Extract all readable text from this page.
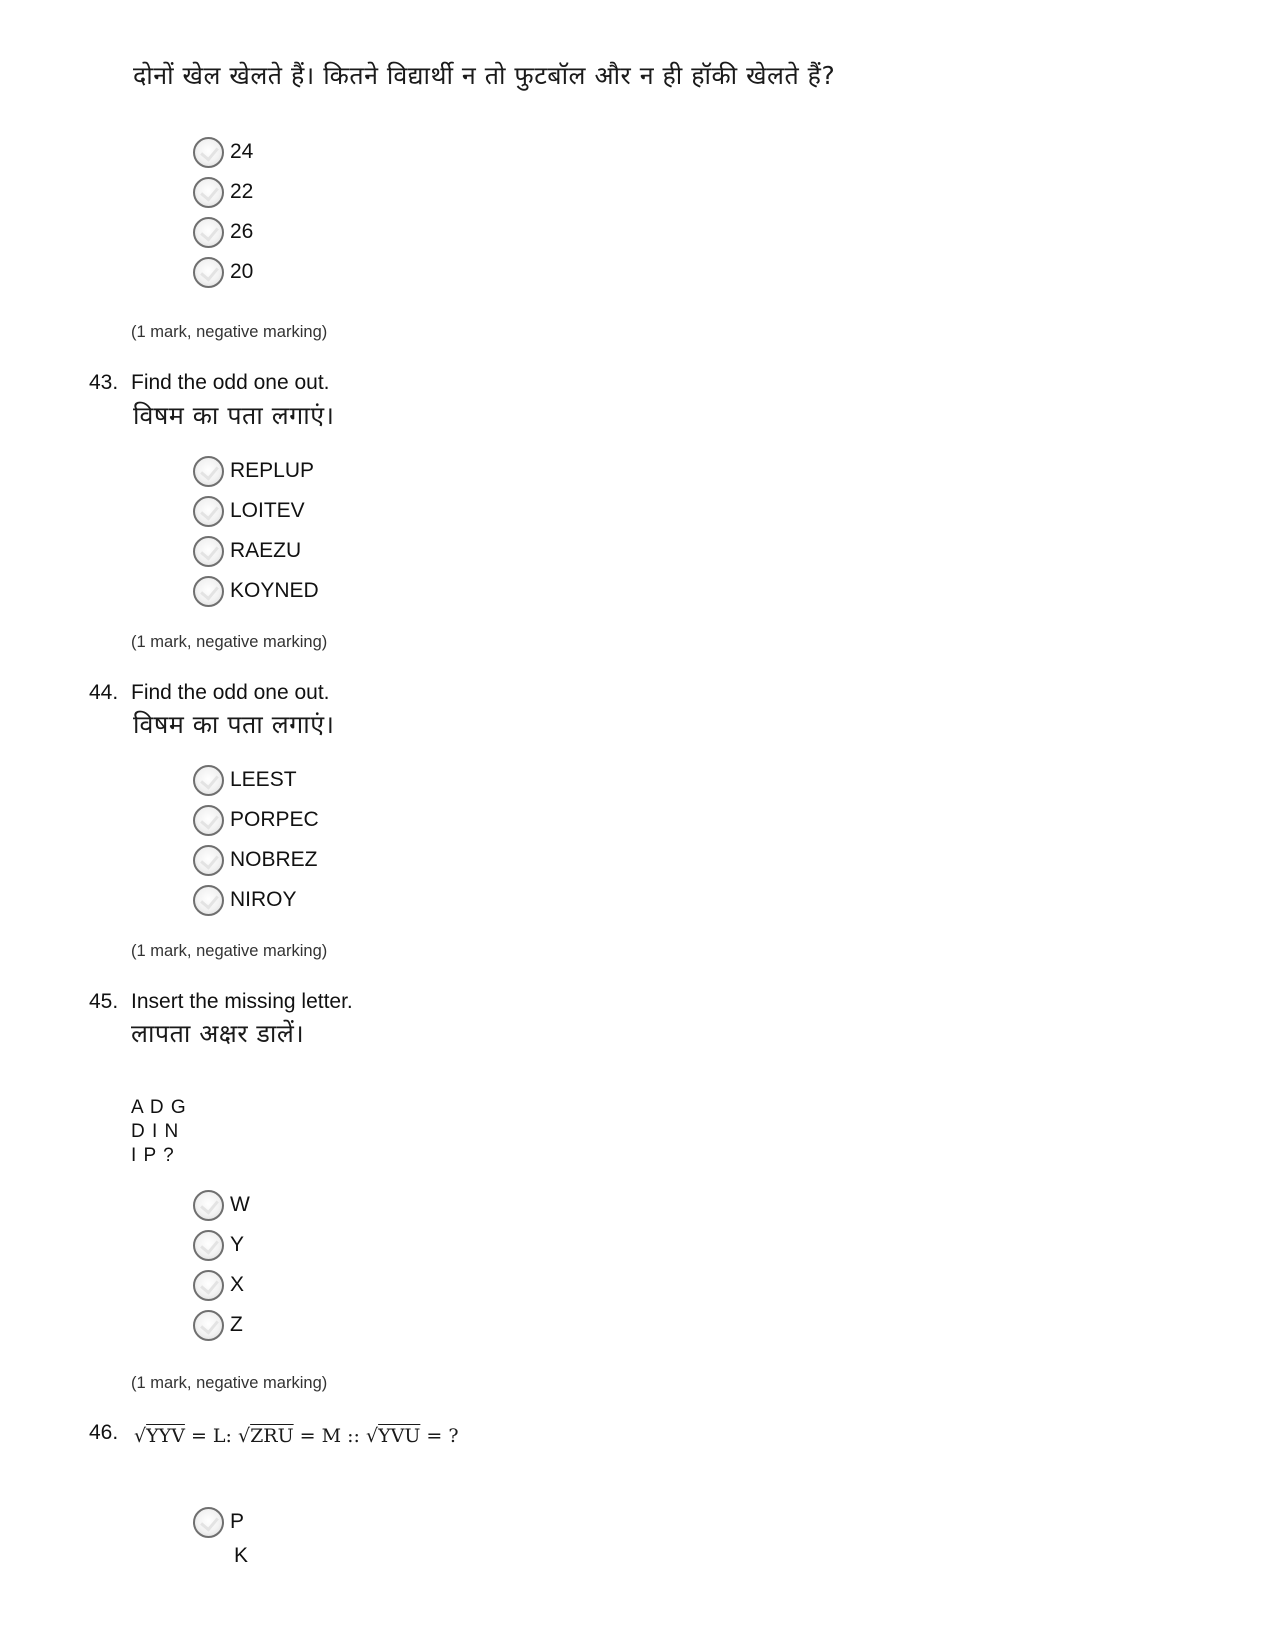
दोनों खेल खेलते हैं। कितने विद्यार्थी न तो फुटबॉल और न ही हॉकी खेलते हैं?
24
22
26
20
(1 mark, negative marking)
43. Find the odd one out.
विषम का पता लगाएं।
REPLUP
LOITEV
RAEZU
KOYNED
(1 mark, negative marking)
44. Find the odd one out.
विषम का पता लगाएं।
LEEST
PORPEC
NOBREZ
NIROY
(1 mark, negative marking)
45. Insert the missing letter.
लापता अक्षर डालें।
A D G
D I N
I P ?
W
Y
X
Z
(1 mark, negative marking)
46. √YYV = L: √ZRU = M :: √YVU = ?
P
K
